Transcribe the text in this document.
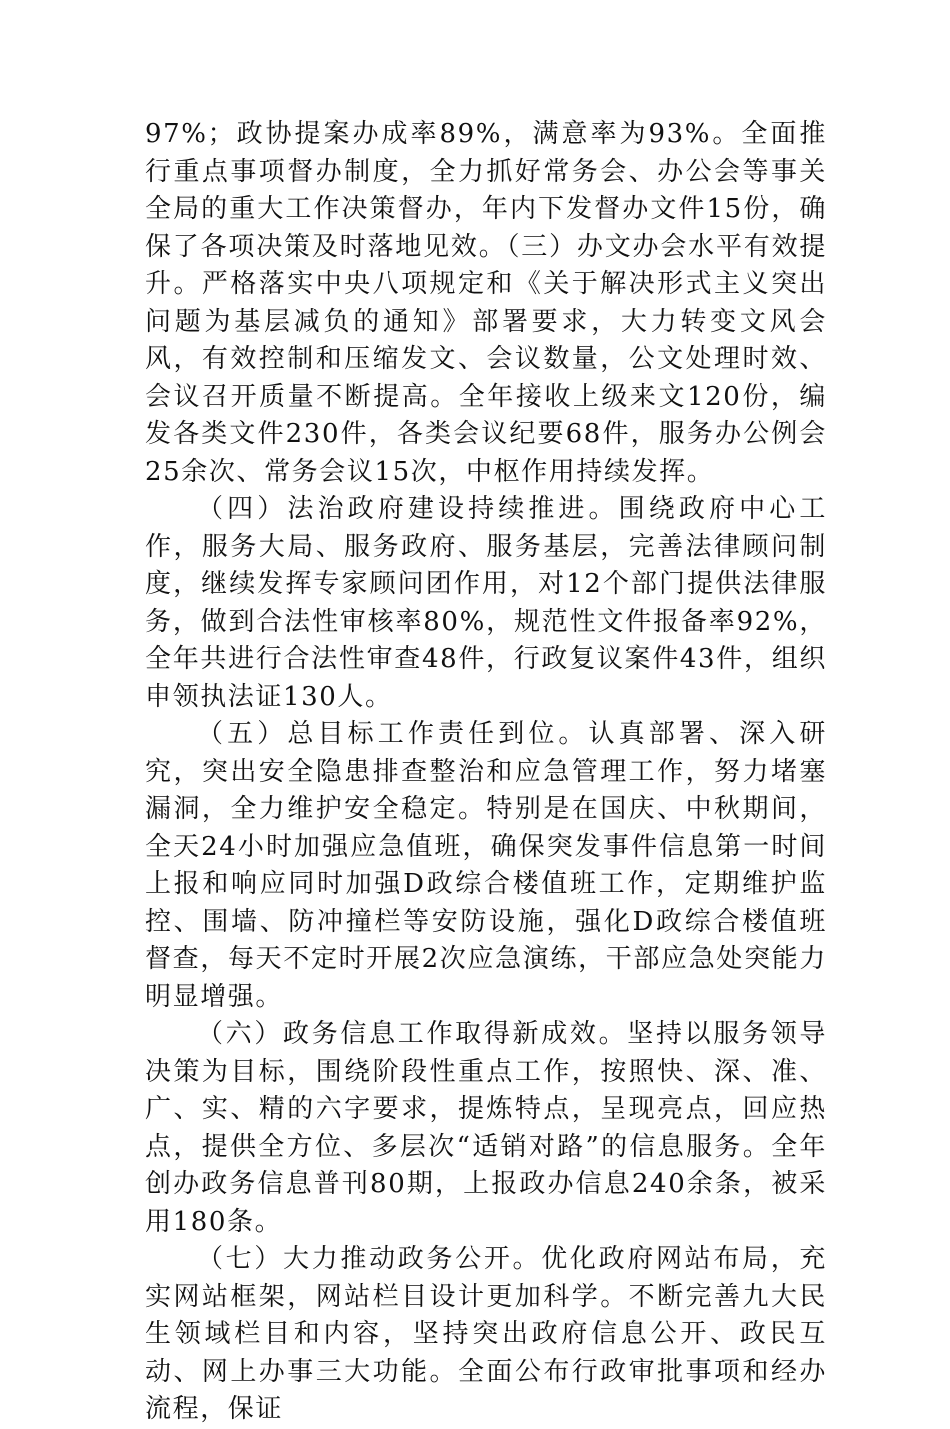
97%；政协提案办成率89%，满意率为93%。全面推行重点事项督办制度，全力抓好常务会、办公会等事关全局的重大工作决策督办，年内下发督办文件15份，确保了各项决策及时落地见效。（三）办文办会水平有效提升。严格落实中央八项规定和《关于解决形式主义突出问题为基层减负的通知》部署要求，大力转变文风会风，有效控制和压缩发文、会议数量，公文处理时效、会议召开质量不断提高。全年接收上级来文120份，编发各类文件230件，各类会议纪要68件，服务办公例会25余次、常务会议15次，中枢作用持续发挥。

（四）法治政府建设持续推进。围绕政府中心工作，服务大局、服务政府、服务基层，完善法律顾问制度，继续发挥专家顾问团作用，对12个部门提供法律服务，做到合法性审核率80%，规范性文件报备率92%，全年共进行合法性审查48件，行政复议案件43件，组织申领执法证130人。

（五）总目标工作责任到位。认真部署、深入研究，突出安全隐患排查整治和应急管理工作，努力堵塞漏洞，全力维护安全稳定。特别是在国庆、中秋期间，全天24小时加强应急值班，确保突发事件信息第一时间上报和响应同时加强D政综合楼值班工作，定期维护监控、围墙、防冲撞栏等安防设施，强化D政综合楼值班督查，每天不定时开展2次应急演练，干部应急处突能力明显增强。

（六）政务信息工作取得新成效。坚持以服务领导决策为目标，围绕阶段性重点工作，按照快、深、准、广、实、精的六字要求，提炼特点，呈现亮点，回应热点，提供全方位、多层次“适销对路”的信息服务。全年创办政务信息普刊80期，上报政办信息240余条，被采用180条。

（七）大力推动政务公开。优化政府网站布局，充实网站框架，网站栏目设计更加科学。不断完善九大民生领域栏目和内容，坚持突出政府信息公开、政民互动、网上办事三大功能。全面公布行政审批事项和经办流程，保证
